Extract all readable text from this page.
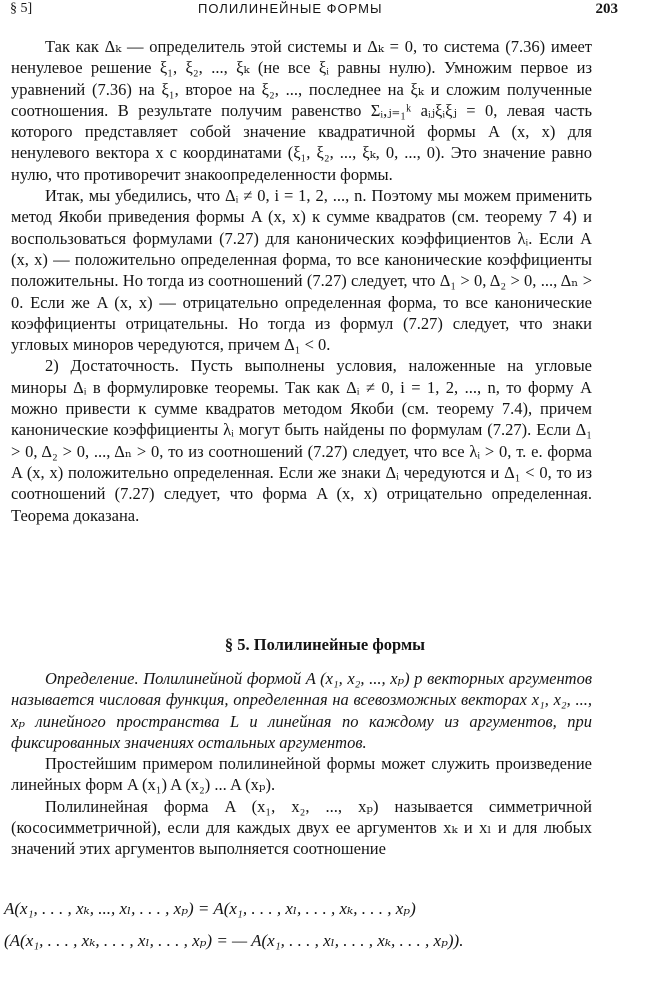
§ 5]	ПОЛИЛИНЕЙНЫЕ ФОРМЫ	203

Так как Δₖ — определитель этой системы и Δₖ = 0, то система (7.36) имеет ненулевое решение ξ₁, ξ₂, ..., ξₖ (не все ξᵢ равны нулю). Умножим первое из уравнений (7.36) на ξ₁, второе на ξ₂, ..., последнее на ξₖ и сложим полученные соотношения. В результате получим равенство Σᵢ,ⱼ₌₁ᵏ aᵢⱼξᵢξⱼ = 0, левая часть которого представляет собой значение квадратичной формы A (x, x) для ненулевого вектора x с координатами (ξ₁, ξ₂, ..., ξₖ, 0, ..., 0). Это значение равно нулю, что противоречит знакоопределенности формы.

Итак, мы убедились, что Δᵢ ≠ 0, i = 1, 2, ..., n. Поэтому мы можем применить метод Якоби приведения формы A (x, x) к сумме квадратов (см. теорему 7 4) и воспользоваться формулами (7.27) для канонических коэффициентов λᵢ. Если A (x, x) — положительно определенная форма, то все канонические коэффициенты положительны. Но тогда из соотношений (7.27) следует, что Δ₁ > 0, Δ₂ > 0, ..., Δₙ > 0. Если же A (x, x) — отрицательно определенная форма, то все канонические коэффициенты отрицательны. Но тогда из формул (7.27) следует, что знаки угловых миноров чередуются, причем Δ₁ < 0.

2) Достаточность. Пусть выполнены условия, наложенные на угловые миноры Δᵢ в формулировке теоремы. Так как Δᵢ ≠ 0, i = 1, 2, ..., n, то форму A можно привести к сумме квадратов методом Якоби (см. теорему 7.4), причем канонические коэффициенты λᵢ могут быть найдены по формулам (7.27). Если Δ₁ > 0, Δ₂ > 0, ..., Δₙ > 0, то из соотношений (7.27) следует, что все λᵢ > 0, т. е. форма A (x, x) положительно определенная. Если же знаки Δᵢ чередуются и Δ₁ < 0, то из соотношений (7.27) следует, что форма A (x, x) отрицательно определенная. Теорема доказана.

§ 5. Полилинейные формы

Определение. Полилинейной формой A (x₁, x₂, ..., xₚ) p векторных аргументов называется числовая функция, определенная на всевозможных векторах x₁, x₂, ..., xₚ линейного пространства L и линейная по каждому из аргументов, при фиксированных значениях остальных аргументов.

Простейшим примером полилинейной формы может служить произведение линейных форм A (x₁) A (x₂) ... A (xₚ).

Полилинейная форма A (x₁, x₂, ..., xₚ) называется симметричной (кососимметричной), если для каждых двух ее аргументов xₖ и xₗ и для любых значений этих аргументов выполняется соотношение

A(x₁, . . . , xₖ, ..., xₗ, . . . , xₚ) = A(x₁, . . . , xₗ, . . . , xₖ, . . . , xₚ)
(A(x₁, . . . , xₖ, . . . , xₗ, . . . , xₚ) = — A(x₁, . . . , xₗ, . . . , xₖ, . . . , xₚ)).
